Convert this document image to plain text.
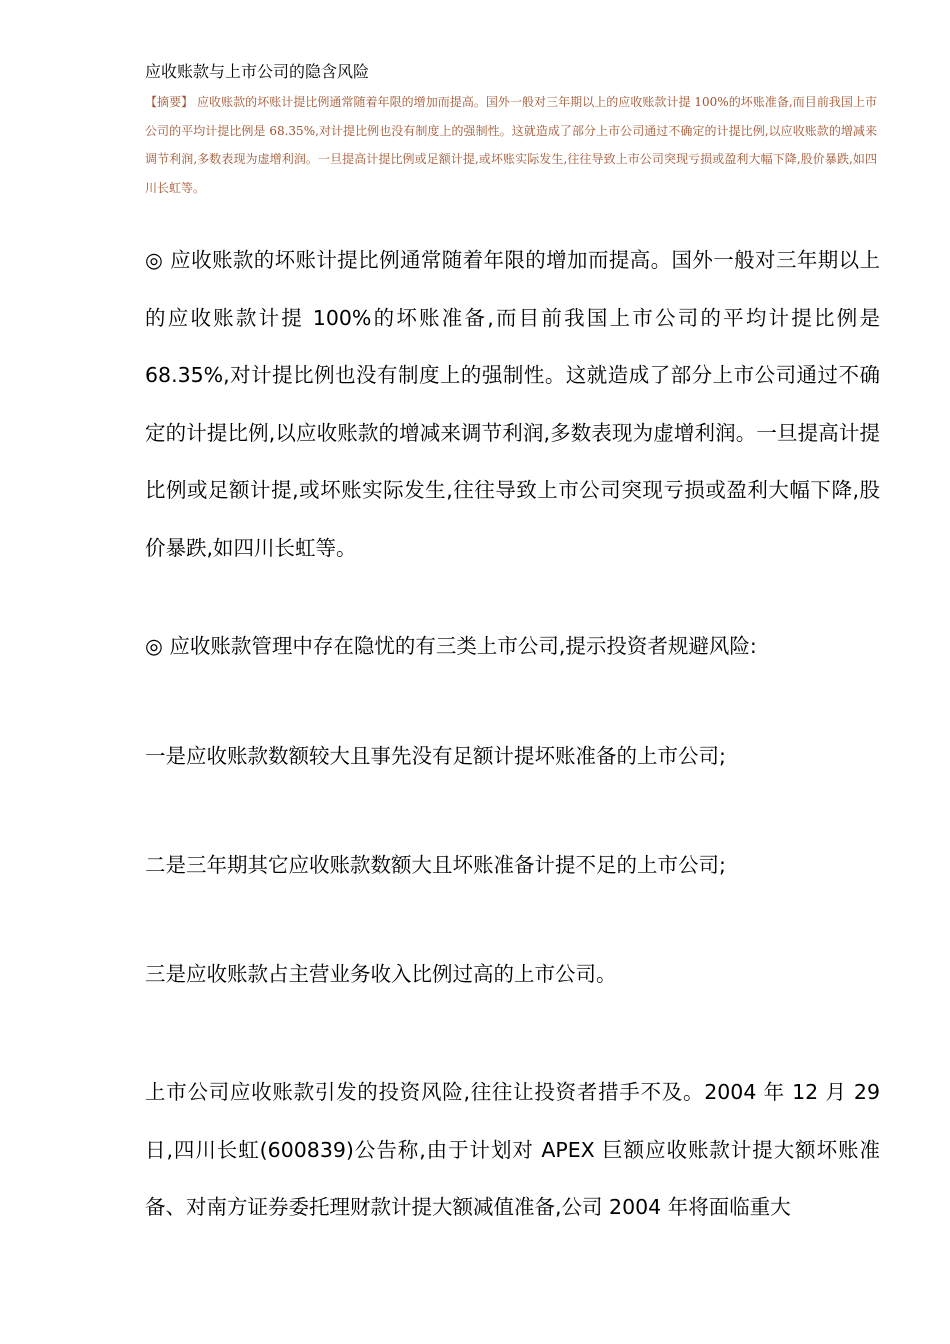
应收账款与上市公司的隐含风险
【摘要】 应收账款的坏账计提比例通常随着年限的增加而提高。国外一般对三年期以上的应收账款计提 100%的坏账准备,而目前我国上市公司的平均计提比例是 68.35%,对计提比例也没有制度上的强制性。这就造成了部分上市公司通过不确定的计提比例,以应收账款的增减来调节利润,多数表现为虚增利润。一旦提高计提比例或足额计提,或坏账实际发生,往往导致上市公司突现亏损或盈利大幅下降,股价暴跌,如四川长虹等。

◎ 应收账款的坏账计提比例通常随着年限的增加而提高。国外一般对三年期以上的应收账款计提 100%的坏账准备,而目前我国上市公司的平均计提比例是 68.35%,对计提比例也没有制度上的强制性。这就造成了部分上市公司通过不确定的计提比例,以应收账款的增减来调节利润,多数表现为虚增利润。一旦提高计提比例或足额计提,或坏账实际发生,往往导致上市公司突现亏损或盈利大幅下降,股价暴跌,如四川长虹等。

◎ 应收账款管理中存在隐忧的有三类上市公司,提示投资者规避风险:

一是应收账款数额较大且事先没有足额计提坏账准备的上市公司;
二是三年期其它应收账款数额大且坏账准备计提不足的上市公司;
三是应收账款占主营业务收入比例过高的上市公司。

上市公司应收账款引发的投资风险,往往让投资者措手不及。2004 年 12 月 29 日,四川长虹(600839)公告称,由于计划对 APEX 巨额应收账款计提大额坏账准备、对南方证券委托理财款计提大额减值准备,公司 2004 年将面临重大
